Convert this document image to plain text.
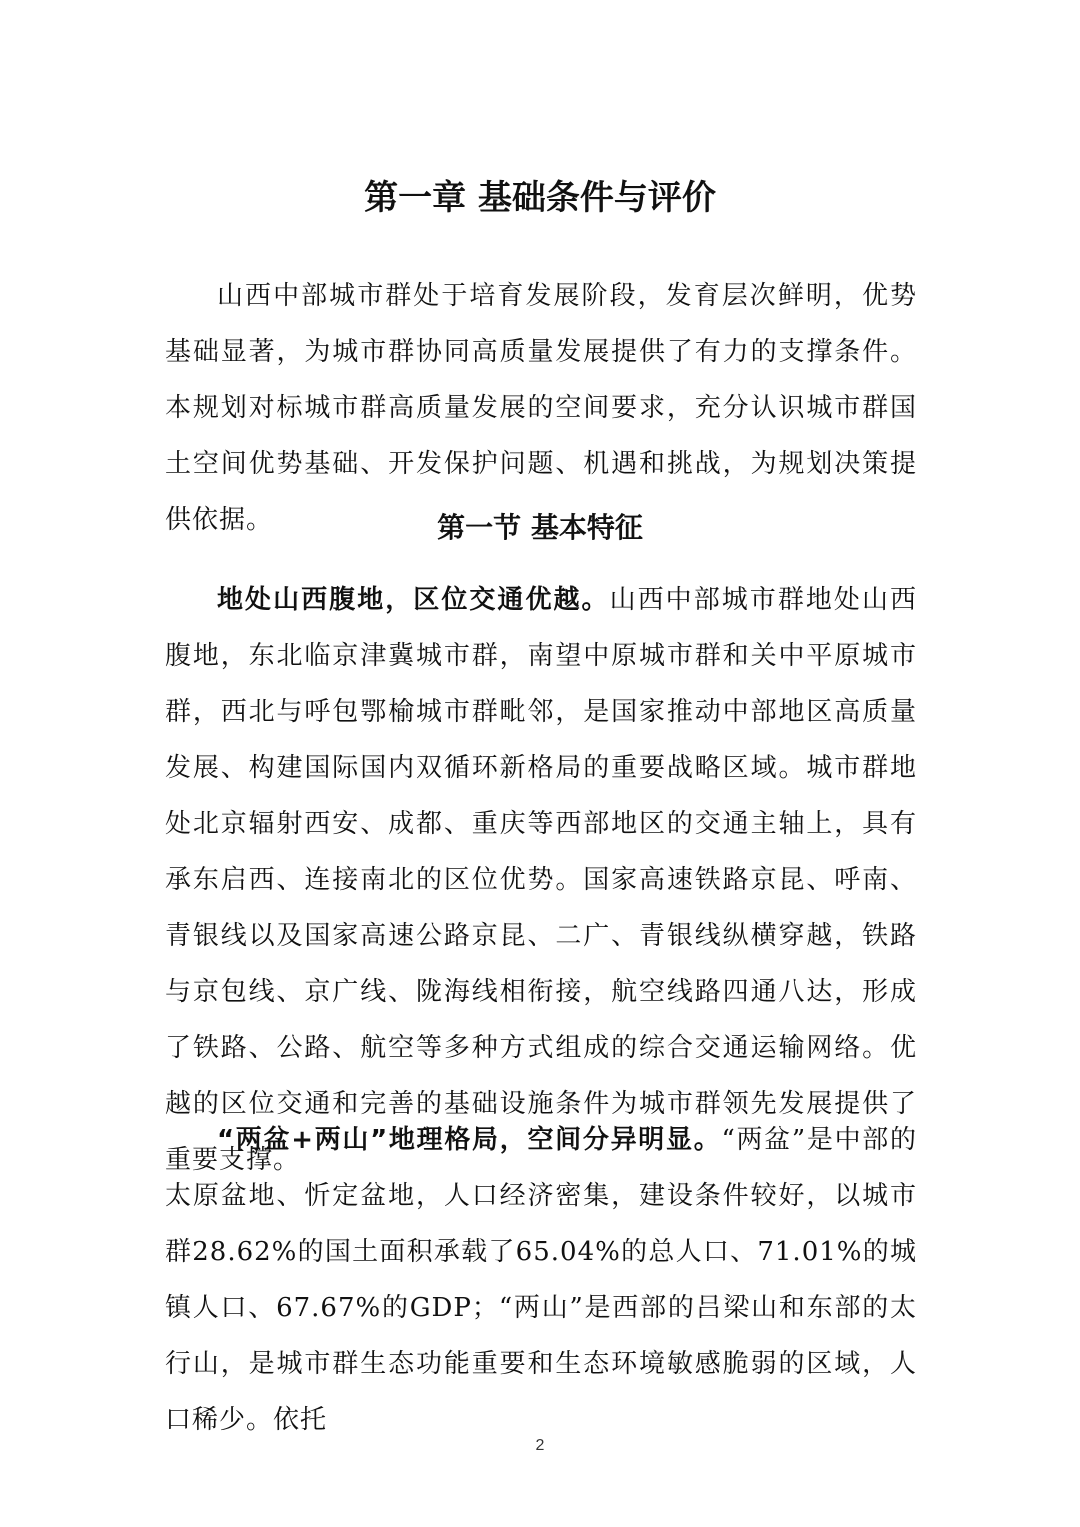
第一章 基础条件与评价

山西中部城市群处于培育发展阶段，发育层次鲜明，优势基础显著，为城市群协同高质量发展提供了有力的支撑条件。本规划对标城市群高质量发展的空间要求，充分认识城市群国土空间优势基础、开发保护问题、机遇和挑战，为规划决策提供依据。	第一节 基本特征

地处山西腹地，区位交通优越。山西中部城市群地处山西腹地，东北临京津冀城市群，南望中原城市群和关中平原城市群，西北与呼包鄂榆城市群毗邻，是国家推动中部地区高质量发展、构建国际国内双循环新格局的重要战略区域。城市群地处北京辐射西安、成都、重庆等西部地区的交通主轴上，具有承东启西、连接南北的区位优势。国家高速铁路京昆、呼南、青银线以及国家高速公路京昆、二广、青银线纵横穿越，铁路与京包线、京广线、陇海线相衔接，航空线路四通八达，形成了铁路、公路、航空等多种方式组成的综合交通运输网络。优越的区位交通和完善的基础设施条件为城市群领先发展提供了重要支撑。

“两盆+两山”地理格局，空间分异明显。“两盆”是中部的太原盆地、忻定盆地，人口经济密集，建设条件较好，以城市群28.62%的国土面积承载了65.04%的总人口、71.01%的城镇人口、67.67%的GDP；“两山”是西部的吕梁山和东部的太行山，是城市群生态功能重要和生态环境敏感脆弱的区域，人口稀少。依托

2
